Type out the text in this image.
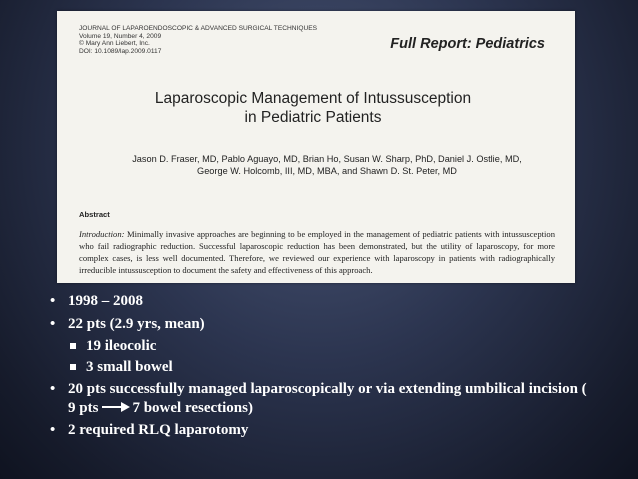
JOURNAL OF LAPAROENDOSCOPIC & ADVANCED SURGICAL TECHNIQUES
Volume 19, Number 4, 2009
© Mary Ann Liebert, Inc.
DOI: 10.1089/lap.2009.0117	Full Report: Pediatrics
Laparoscopic Management of Intussusception
in Pediatric Patients
Jason D. Fraser, MD, Pablo Aguayo, MD, Brian Ho, Susan W. Sharp, PhD, Daniel J. Ostlie, MD,
George W. Holcomb, III, MD, MBA, and Shawn D. St. Peter, MD
Abstract
Introduction: Minimally invasive approaches are beginning to be employed in the management of pediatric patients with intussusception who fail radiographic reduction. Successful laparoscopic reduction has been demonstrated, but the utility of laparoscopy, for more complex cases, is less well documented. Therefore, we reviewed our experience with laparoscopy in patients with radiographically irreducible intussusception to document the safety and effectiveness of this approach.
• 1998 – 2008
• 22 pts (2.9 yrs, mean)
19 ileocolic
3 small bowel
• 20 pts successfully managed laparoscopically or via extending umbilical incision ( 9 pts 7 bowel resections)
• 2 required RLQ laparotomy
